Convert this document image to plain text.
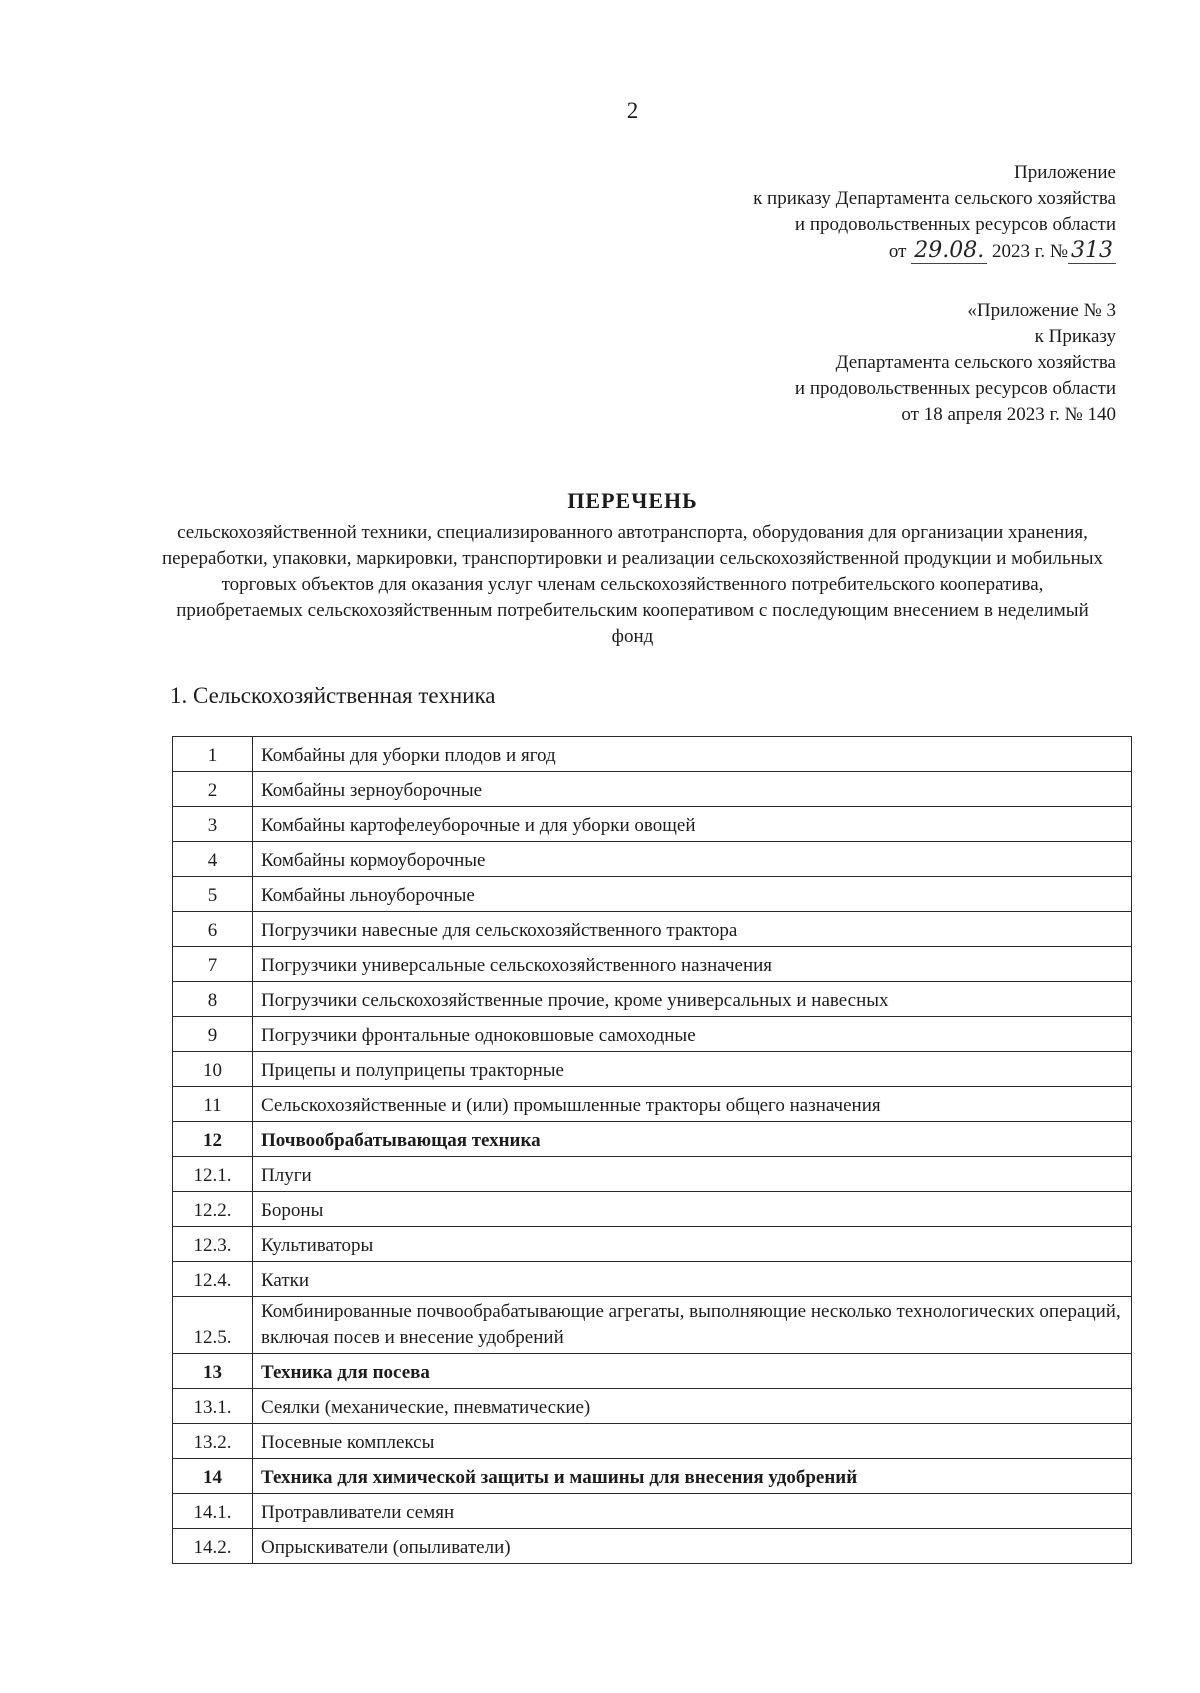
2
Приложение
к приказу Департамента сельского хозяйства
и продовольственных ресурсов области
от 29.08. 2023 г. № 313
«Приложение № 3
к Приказу
Департамента сельского хозяйства
и продовольственных ресурсов области
от 18 апреля 2023 г. № 140
ПЕРЕЧЕНЬ
сельскохозяйственной техники, специализированного автотранспорта, оборудования для организации хранения, переработки, упаковки, маркировки, транспортировки и реализации сельскохозяйственной продукции и мобильных торговых объектов для оказания услуг членам сельскохозяйственного потребительского кооператива, приобретаемых сельскохозяйственным потребительским кооперативом с последующим внесением в неделимый фонд
1. Сельскохозяйственная техника
1	Комбайны для уборки плодов и ягод
2	Комбайны зерноуборочные
3	Комбайны картофелеуборочные и для уборки овощей
4	Комбайны кормоуборочные
5	Комбайны льноуборочные
6	Погрузчики навесные для сельскохозяйственного трактора
7	Погрузчики универсальные сельскохозяйственного назначения
8	Погрузчики сельскохозяйственные прочие, кроме универсальных и навесных
9	Погрузчики фронтальные одноковшовые самоходные
10	Прицепы и полуприцепы тракторные
11	Сельскохозяйственные и (или) промышленные тракторы общего назначения
12	Почвообрабатывающая техника
12.1.	Плуги
12.2.	Бороны
12.3.	Культиваторы
12.4.	Катки
12.5.	Комбинированные почвообрабатывающие агрегаты, выполняющие несколько технологических операций, включая посев и внесение удобрений
13	Техника для посева
13.1.	Сеялки (механические, пневматические)
13.2.	Посевные комплексы
14	Техника для химической защиты и машины для внесения удобрений
14.1.	Протравливатели семян
14.2.	Опрыскиватели (опыливатели)
